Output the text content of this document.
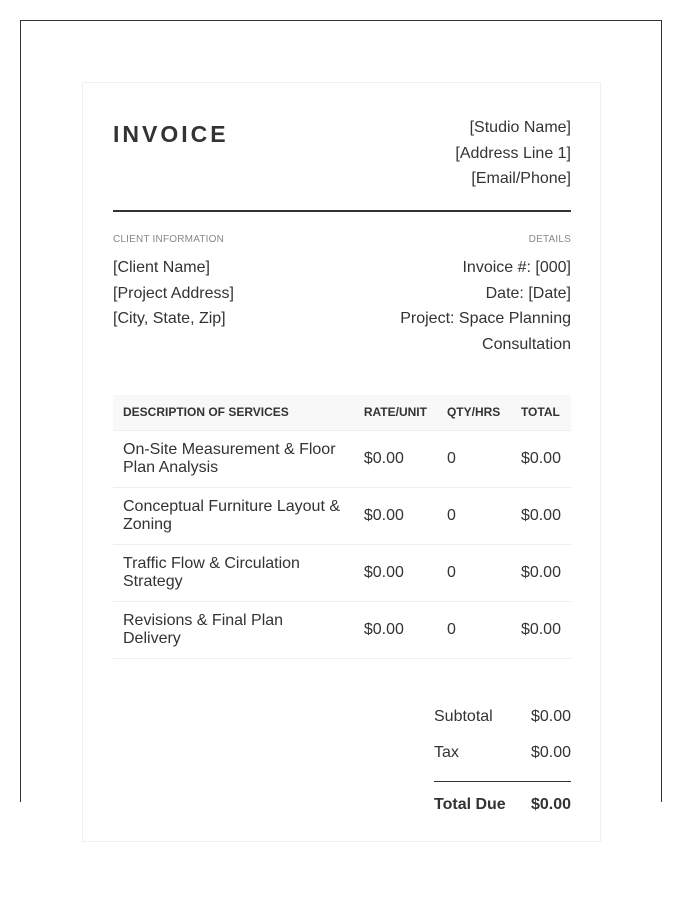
INVOICE	[Studio Name]
[Address Line 1]
[Email/Phone]
CLIENT INFORMATION
[Client Name]
[Project Address]
[City, State, Zip]
DETAILS
Invoice #: [000]
Date: [Date]
Project: Space Planning
Consultation
DESCRIPTION OF SERVICES	RATE/UNIT	QTY/HRS	TOTAL
On-Site Measurement & Floor Plan Analysis	$0.00	0	$0.00
Conceptual Furniture Layout & Zoning	$0.00	0	$0.00
Traffic Flow & Circulation Strategy	$0.00	0	$0.00
Revisions & Final Plan Delivery	$0.00	0	$0.00
Subtotal $0.00
Tax	$0.00
Total Due $0.00
